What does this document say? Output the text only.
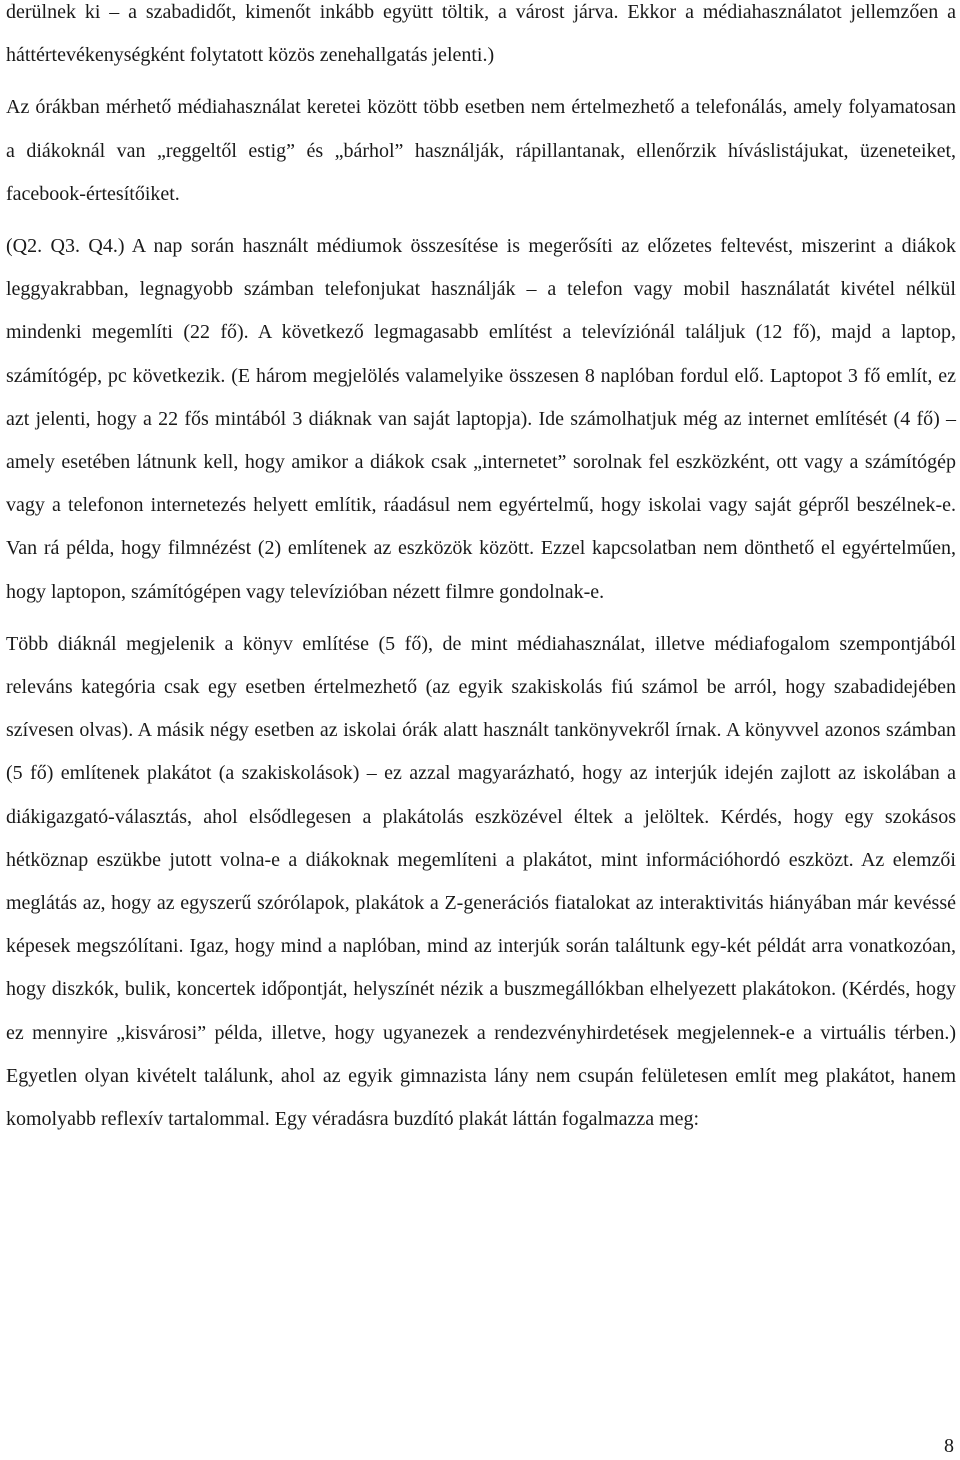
derülnek ki – a szabadidőt, kimenőt inkább együtt töltik, a várost járva. Ekkor a médiahasználatot jellemzően a háttértevékenységként folytatott közös zenehallgatás jelenti.)

Az órákban mérhető médiahasználat keretei között több esetben nem értelmezhető a telefonálás, amely folyamatosan a diákoknál van „reggeltől estig” és „bárhol” használják, rápillantanak, ellenőrzik híváslistájukat, üzeneteiket, facebook-értesítőiket.

(Q2. Q3. Q4.) A nap során használt médiumok összesítése is megerősíti az előzetes feltevést, miszerint a diákok leggyakrabban, legnagyobb számban telefonjukat használják – a telefon vagy mobil használatát kivétel nélkül mindenki megemlíti (22 fő). A következő legmagasabb említést a televíziónál találjuk (12 fő), majd a laptop, számítógép, pc következik. (E három megjelölés valamelyike összesen 8 naplóban fordul elő. Laptopot 3 fő említ, ez azt jelenti, hogy a 22 fős mintából 3 diáknak van saját laptopja). Ide számolhatjuk még az internet említését (4 fő) – amely esetében látnunk kell, hogy amikor a diákok csak „internetet” sorolnak fel eszközként, ott vagy a számítógép vagy a telefonon internetezés helyett említik, ráadásul nem egyértelmű, hogy iskolai vagy saját gépről beszélnek-e. Van rá példa, hogy filmnézést (2) említenek az eszközök között. Ezzel kapcsolatban nem dönthető el egyértelműen, hogy laptopon, számítógépen vagy televízióban nézett filmre gondolnak-e.

Több diáknál megjelenik a könyv említése (5 fő), de mint médiahasználat, illetve médiafogalom szempontjából releváns kategória csak egy esetben értelmezhető (az egyik szakiskolás fiú számol be arról, hogy szabadidejében szívesen olvas). A másik négy esetben az iskolai órák alatt használt tankönyvekről írnak. A könyvvel azonos számban (5 fő) említenek plakátot (a szakiskolások) – ez azzal magyarázható, hogy az interjúk idején zajlott az iskolában a diákigazgató-választás, ahol elsődlegesen a plakátolás eszközével éltek a jelöltek. Kérdés, hogy egy szokásos hétköznap eszükbe jutott volna-e a diákoknak megemlíteni a plakátot, mint információhordó eszközt. Az elemzői meglátás az, hogy az egyszerű szórólapok, plakátok a Z-generációs fiatalokat az interaktivitás hiányában már kevéssé képesek megszólítani. Igaz, hogy mind a naplóban, mind az interjúk során találtunk egy-két példát arra vonatkozóan, hogy diszkók, bulik, koncertek időpontját, helyszínét nézik a buszmegállókban elhelyezett plakátokon. (Kérdés, hogy ez mennyire „kisvárosi” példa, illetve, hogy ugyanezek a rendezvényhirdetések megjelennek-e a virtuális térben.) Egyetlen olyan kivételt találunk, ahol az egyik gimnazista lány nem csupán felületesen említ meg plakátot, hanem komolyabb reflexív tartalommal. Egy véradásra buzdító plakát láttán fogalmazza meg:

8
